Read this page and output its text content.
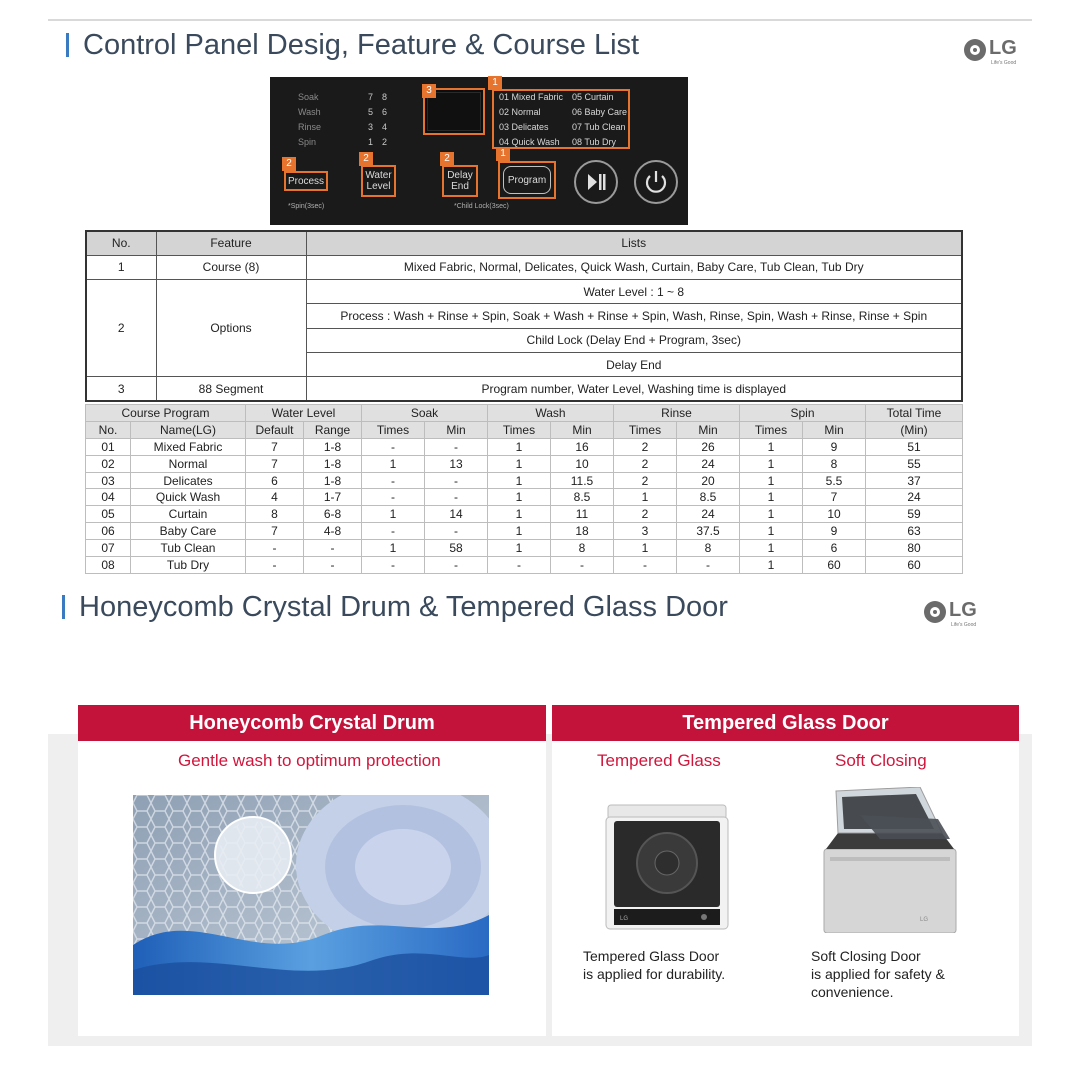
Control Panel Desig, Feature & Course List	LG
Life's Good
Soak
Wash
Rinse
Spin
7 8
5 6
3 4
1 2
3
1
01 Mixed Fabric
02 Normal
03 Delicates
04 Quick Wash
05 Curtain
06 Baby Care
07 Tub Clean
08 Tub Dry
2
Process
*Spin(3sec)
2
Water
Level
2
Delay
End
1
Program
*Child Lock(3sec)
No.	Feature	Lists
1	Course (8)	Mixed Fabric, Normal, Delicates, Quick Wash, Curtain, Baby Care, Tub Clean, Tub Dry
2	Options	Water Level : 1 ~ 8
		Process : Wash + Rinse + Spin, Soak + Wash + Rinse + Spin, Wash, Rinse, Spin, Wash + Rinse, Rinse + Spin
		Child Lock (Delay End + Program, 3sec)
		Delay End
3	88 Segment	Program number, Water Level, Washing time is displayed
Course Program		Water Level		Soak		Wash		Rinse		Spin		Total Time
No.	Name(LG)	Default	Range	Times	Min	Times	Min	Times	Min	Times	Min	(Min)
01	Mixed Fabric	7	1-8	-	-	1	16	2	26	1	9	51
02	Normal	7	1-8	1	13	1	10	2	24	1	8	55
03	Delicates	6	1-8	-	-	1	11.5	2	20	1	5.5	37
04	Quick Wash	4	1-7	-	-	1	8.5	1	8.5	1	7	24
05	Curtain	8	6-8	1	14	1	11	2	24	1	10	59
06	Baby Care	7	4-8	-	-	1	18	3	37.5	1	9	63
07	Tub Clean	-	-	1	58	1	8	1	8	1	6	80
08	Tub Dry	-	-	-	-	-	-	-	-	1	60	60
Honeycomb Crystal Drum & Tempered Glass Door	LG
Life's Good
Honeycomb Crystal Drum
Gentle wash to optimum protection
Tempered Glass Door
Tempered Glass	Soft Closing
LG	LG
Tempered Glass Door
is applied for durability.
Soft Closing Door
is applied for safety &
convenience.
